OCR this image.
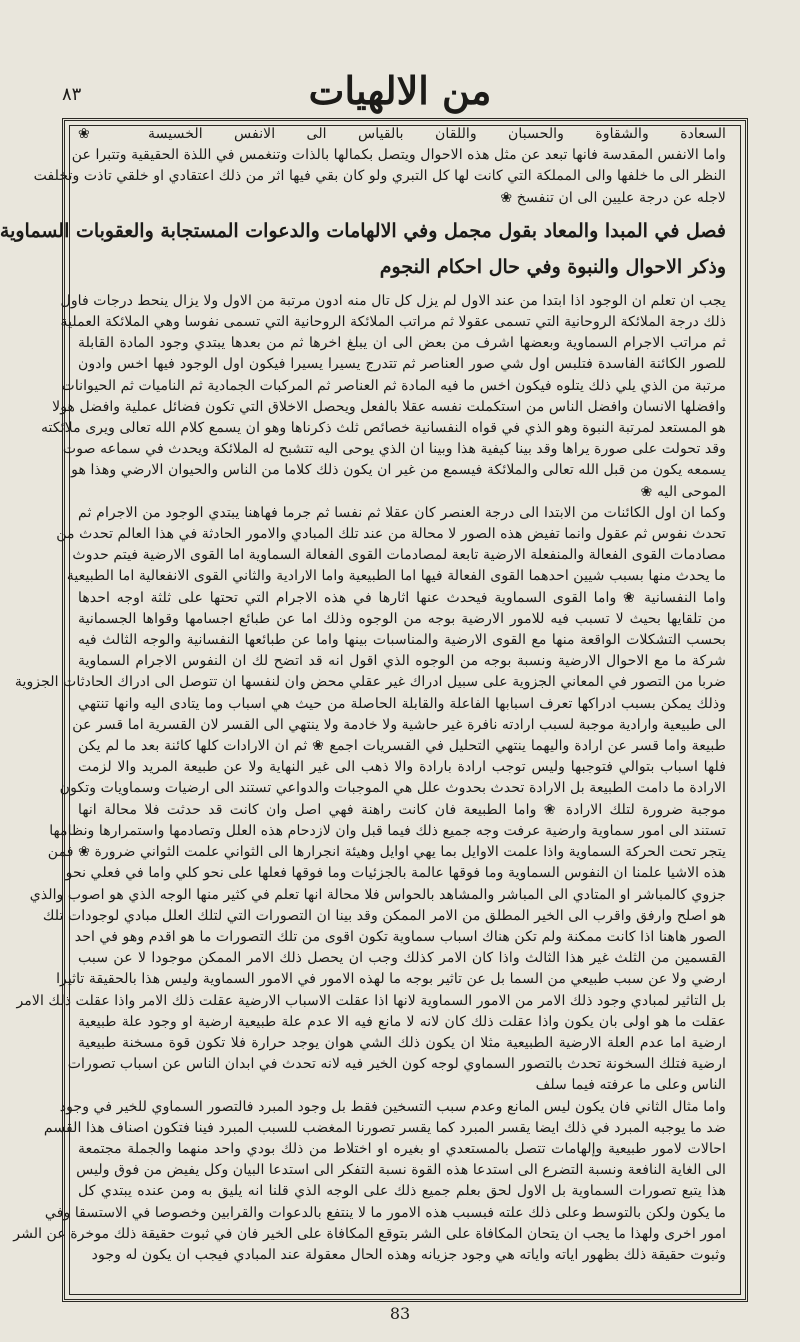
٨٣	من الالهيات
السعادة والشقاوة والحسبان واللقان بالقياس الى الانفس الخسيسة ❀
واما الانفس المقدسة فانها تبعد عن مثل هذه الاحوال ويتصل بكمالها بالذات وتنغمس في اللذة الحقيقية وتتبرا عن
النظر الى ما خلفها والى المملكة التي كانت لها كل التبري ولو كان بقي فيها اثر من ذلك اعتقادي او خلقي تاذت وتخلفت
لاجله عن درجة عليين الى ان تنفسخ ❀
فصل في المبدا والمعاد بقول مجمل وفي الالهامات والدعوات المستجابة والعقوبات السماوية
وذكر الاحوال والنبوة وفي حال احكام النجوم
يجب ان تعلم ان الوجود اذا ابتدا من عند الاول لم يزل كل تال منه ادون مرتبة من الاول ولا يزال ينحط درجات فاول
ذلك درجة الملائكة الروحانية التي تسمى عقولا ثم مراتب الملائكة الروحانية التي تسمى نفوسا وهي الملائكة العملية
ثم مراتب الاجرام السماوية وبعضها اشرف من بعض الى ان يبلغ اخرها ثم من بعدها يبتدي وجود المادة القابلة
للصور الكائنة الفاسدة فتلبس اول شي صور العناصر ثم تتدرج يسيرا يسيرا فيكون اول الوجود فيها اخس وادون
مرتبة من الذي يلي ذلك يتلوه فيكون اخس ما فيه المادة ثم العناصر ثم المركبات الجمادية ثم الناميات ثم الحيوانات
وافضلها الانسان وافضل الناس من استكملت نفسه عقلا بالفعل ويحصل الاخلاق التي تكون فضائل عملية وافضل هولا
هو المستعد لمرتبة النبوة وهو الذي في قواه النفسانية خصائص ثلث ذكرناها وهو ان يسمع كلام الله تعالى ويرى ملائكته
وقد تحولت على صورة يراها وقد بينا كيفية هذا وبينا ان الذي يوحى اليه تتشبح له الملائكة ويحدث في سماعه صوت
يسمعه يكون من قبل الله تعالى والملائكة فيسمع من غير ان يكون ذلك كلاما من الناس والحيوان الارضي وهذا هو
الموحى اليه ❀
وكما ان اول الكائنات من الابتدا الى درجة العنصر كان عقلا ثم نفسا ثم جرما فهاهنا يبتدي الوجود من الاجرام ثم
تحدث نفوس ثم عقول وانما تفيض هذه الصور لا محالة من عند تلك المبادي والامور الحادثة في هذا العالم تحدث من
مصادمات القوى الفعالة والمنفعلة الارضية تابعة لمصادمات القوى الفعالة السماوية اما القوى الارضية فيتم حدوث
ما يحدث منها بسبب شيين احدهما القوى الفعالة فيها اما الطبيعية واما الارادية والثاني القوى الانفعالية اما الطبيعية
واما النفسانية ❀ واما القوى السماوية فيحدث عنها اثارها في هذه الاجرام التي تحتها على ثلثة اوجه احدها
من تلقايها بحيث لا تسبب فيه للامور الارضية بوجه من الوجوه وذلك اما عن طبائع اجسامها وقواها الجسمانية
بحسب التشكلات الواقعة منها مع القوى الارضية والمناسبات بينها واما عن طبائعها النفسانية والوجه الثالث فيه
شركة ما مع الاحوال الارضية ونسبة بوجه من الوجوه الذي اقول انه قد اتضح لك ان النفوس الاجرام السماوية
ضربا من التصور في المعاني الجزوية على سبيل ادراك غير عقلي محض وان لنفسها ان تتوصل الى ادراك الحادثات الجزوية
وذلك يمكن بسبب ادراكها تعرف اسبابها الفاعلة والقابلة الحاصلة من حيث هي اسباب وما يتادى اليه وانها تنتهي
الى طبيعية وارادية موجبة لسبب ارادته نافرة غير حاشية ولا خادمة ولا ينتهي الى القسر لان القسرية اما قسر عن
طبيعة واما قسر عن ارادة واليهما ينتهي التحليل في القسريات اجمع ❀ ثم ان الارادات كلها كائنة بعد ما لم يكن
فلها اسباب بتوالي فتوجبها وليس توجب ارادة بارادة والا ذهب الى غير النهاية ولا عن طبيعة المريد والا لزمت
الارادة ما دامت الطبيعة بل الارادة تحدث بحدوث علل هي الموجبات والدواعي تستند الى ارضيات وسماويات وتكون
موجبة ضرورة لتلك الارادة ❀ واما الطبيعة فان كانت راهنة فهي اصل وان كانت قد حدثت فلا محالة انها
تستند الى امور سماوية وارضية عرفت وجه جميع ذلك فيما قبل وان لازدحام هذه العلل وتصادمها واستمرارها ونظامها
يتجر تحت الحركة السماوية واذا علمت الاوايل بما يهي اوايل وهيئة انجرارها الى الثواني علمت الثواني ضرورة ❀ فمن
هذه الاشيا علمنا ان النفوس السماوية وما فوقها عالمة بالجزئيات وما فوقها فعلها على نحو كلي واما في فعلي نحو
جزوي كالمباشر او المتادي الى المباشر والمشاهد بالحواس فلا محالة انها تعلم في كثير منها الوجه الذي هو اصوب والذي
هو اصلح وارفق واقرب الى الخير المطلق من الامر الممكن وقد بينا ان التصورات التي لتلك العلل مبادي لوجودات تلك
الصور هاهنا اذا كانت ممكنة ولم تكن هناك اسباب سماوية تكون اقوى من تلك التصورات ما هو اقدم وهو في احد
القسمين من الثلث غير هذا الثالث واذا كان الامر كذلك وجب ان يحصل ذلك الامر الممكن موجودا لا عن سبب
ارضي ولا عن سبب طبيعي من السما بل عن تاثير بوجه ما لهذه الامور في الامور السماوية وليس هذا بالحقيقة تاثيرا
بل التاثير لمبادي وجود ذلك الامر من الامور السماوية لانها اذا عقلت الاسباب الارضية عقلت ذلك الامر واذا عقلت ذلك الامر
عقلت ما هو اولى بان يكون واذا عقلت ذلك كان لانه لا مانع فيه الا عدم علة طبيعية ارضية او وجود علة طبيعية
ارضية اما عدم العلة الارضية الطبيعية مثلا ان يكون ذلك الشي هوان يوجد حرارة فلا تكون قوة مسخنة طبيعية
ارضية فتلك السخونة تحدث بالتصور السماوي لوجه كون الخير فيه لانه تحدث في ابدان الناس عن اسباب تصورات
الناس وعلى ما عرفته فيما سلف
واما مثال الثاني فان يكون ليس المانع وعدم سبب التسخين فقط بل وجود المبرد فالتصور السماوي للخير في وجود
ضد ما يوجبه المبرد في ذلك ايضا يقسر المبرد كما يقسر تصورنا المغضب للسبب المبرد فينا فتكون اصناف هذا القسم
احالات لامور طبيعية وإلهامات تتصل بالمستعدي او بغيره او اختلاط من ذلك بودي واحد منهما والجملة مجتمعة
الى الغاية النافعة ونسبة التضرع الى استدعا هذه القوة نسبة التفكر الى استدعا البيان وكل يفيض من فوق وليس
هذا يتبع تصورات السماوية بل الاول لحق بعلم جميع ذلك على الوجه الذي قلنا انه يليق به ومن عنده يبتدي كل
ما يكون ولكن بالتوسط وعلى ذلك علته فبسبب هذه الامور ما لا ينتفع بالدعوات والقرابين وخصوصا في الاستسقا وفي
امور اخرى ولهذا ما يجب ان يتحان المكافاة على الشر بتوقع المكافاة على الخير فان في ثبوت حقيقة ذلك موخرة عن الشر
وثبوت حقيقة ذلك بظهور اياته واياته هي وجود جزيانه وهذه الحال معقولة عند المبادي فيجب ان يكون له وجود
83
